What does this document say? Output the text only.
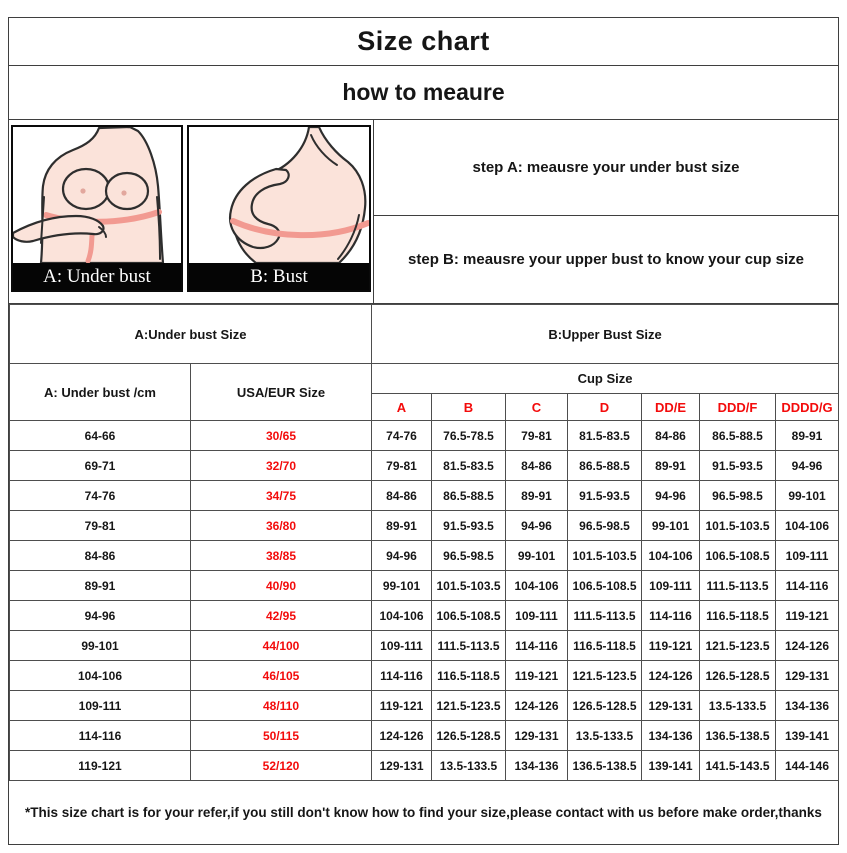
Size chart
how to meaure
A: Under bust	B: Bust
step A: meausre your under bust size
step B: meausre your upper bust to know your cup size
A:Under bust Size		B:Upper Bust Size						
A: Under bust /cm	USA/EUR Size	Cup Size						
		A	B	C	D	DD/E	DDD/F	DDDD/G
64-66	30/65	74-76	76.5-78.5	79-81	81.5-83.5	84-86	86.5-88.5	89-91
69-71	32/70	79-81	81.5-83.5	84-86	86.5-88.5	89-91	91.5-93.5	94-96
74-76	34/75	84-86	86.5-88.5	89-91	91.5-93.5	94-96	96.5-98.5	99-101
79-81	36/80	89-91	91.5-93.5	94-96	96.5-98.5	99-101	101.5-103.5	104-106
84-86	38/85	94-96	96.5-98.5	99-101	101.5-103.5	104-106	106.5-108.5	109-111
89-91	40/90	99-101	101.5-103.5	104-106	106.5-108.5	109-111	111.5-113.5	114-116
94-96	42/95	104-106	106.5-108.5	109-111	111.5-113.5	114-116	116.5-118.5	119-121
99-101	44/100	109-111	111.5-113.5	114-116	116.5-118.5	119-121	121.5-123.5	124-126
104-106	46/105	114-116	116.5-118.5	119-121	121.5-123.5	124-126	126.5-128.5	129-131
109-111	48/110	119-121	121.5-123.5	124-126	126.5-128.5	129-131	13.5-133.5	134-136
114-116	50/115	124-126	126.5-128.5	129-131	13.5-133.5	134-136	136.5-138.5	139-141
119-121	52/120	129-131	13.5-133.5	134-136	136.5-138.5	139-141	141.5-143.5	144-146
*This size chart is for your refer,if you still don't know how to find your size,please contact with us before make order,thanks
